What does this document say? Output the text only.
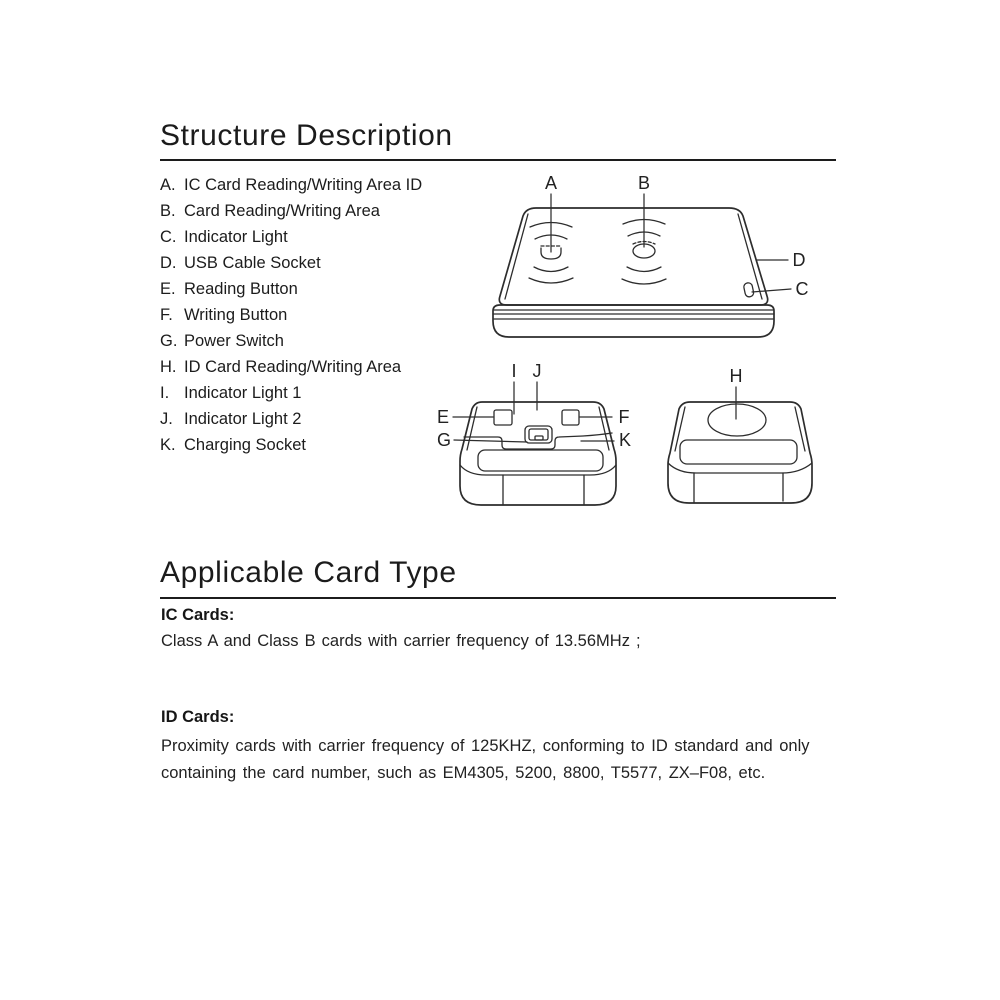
Structure Description
A. IC Card Reading/Writing Area ID
B. Card Reading/Writing Area
C. Indicator Light
D. USB Cable Socket
E. Reading Button
F. Writing Button
G. Power Switch
H. ID Card Reading/Writing Area
I. Indicator Light 1
J. Indicator Light 2
K. Charging Socket
A	B
D
C
I J
E	F
G	K
H
Applicable Card Type
IC Cards:
Class A and Class B cards with carrier frequency of 13.56MHz ;
ID Cards:
Proximity cards with carrier frequency of 125KHZ, conforming to ID standard and only
containing the card number, such as EM4305, 5200, 8800, T5577, ZX–F08, etc.
